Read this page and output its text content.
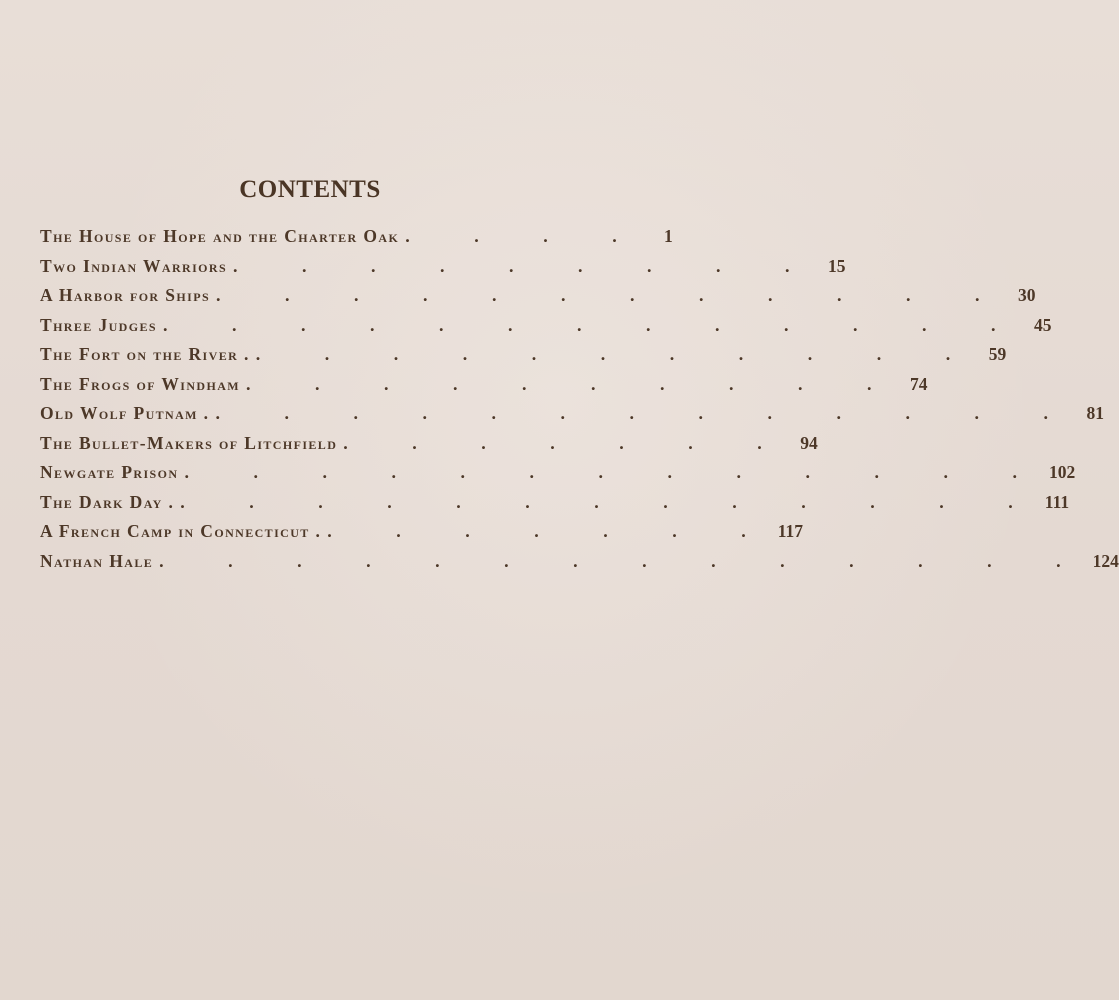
CONTENTS
The House of Hope and the Charter Oak . . . . 1
Two Indian Warriors . . . . . . . . . 15
A Harbor for Ships . . . . . . . . . . . . 30
Three Judges . . . . . . . . . . . . . 45
The Fort on the River . . . . . . . . . . . . 59
The Frogs of Windham . . . . . . . . . . 74
Old Wolf Putnam . . . . . . . . . . . . . . 81
The Bullet-Makers of Litchfield . . . . . . . 94
Newgate Prison . . . . . . . . . . . . . 102
The Dark Day . . . . . . . . . . . . . . 111
A French Camp in Connecticut . . . . . . . . 117
Nathan Hale . . . . . . . . . . . . . . 124
